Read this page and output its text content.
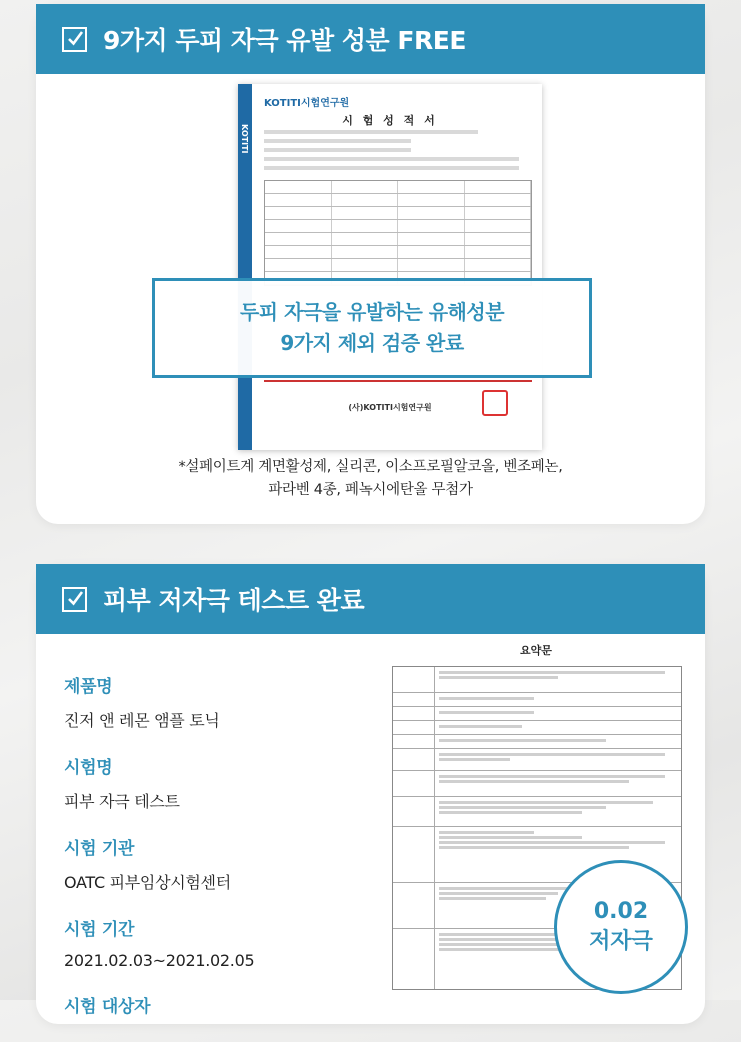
9가지 두피 자극 유발 성분 FREE
KOTITI
KOTITI시험연구원
시 험 성 적 서
(사)KOTITI시험연구원
두피 자극을 유발하는 유해성분
9가지 제외 검증 완료
*설페이트계 계면활성제, 실리콘, 이소프로필알코올, 벤조페논,
파라벤 4종, 페녹시에탄올 무첨가
피부 저자극 테스트 완료
제품명
진저 앤 레몬 앰플 토닉
시험명
피부 자극 테스트
시험 기관
OATC 피부임상시험센터
시험 기간
2021.02.03~2021.02.05
시험 대상자
요약문
0.02
저자극
